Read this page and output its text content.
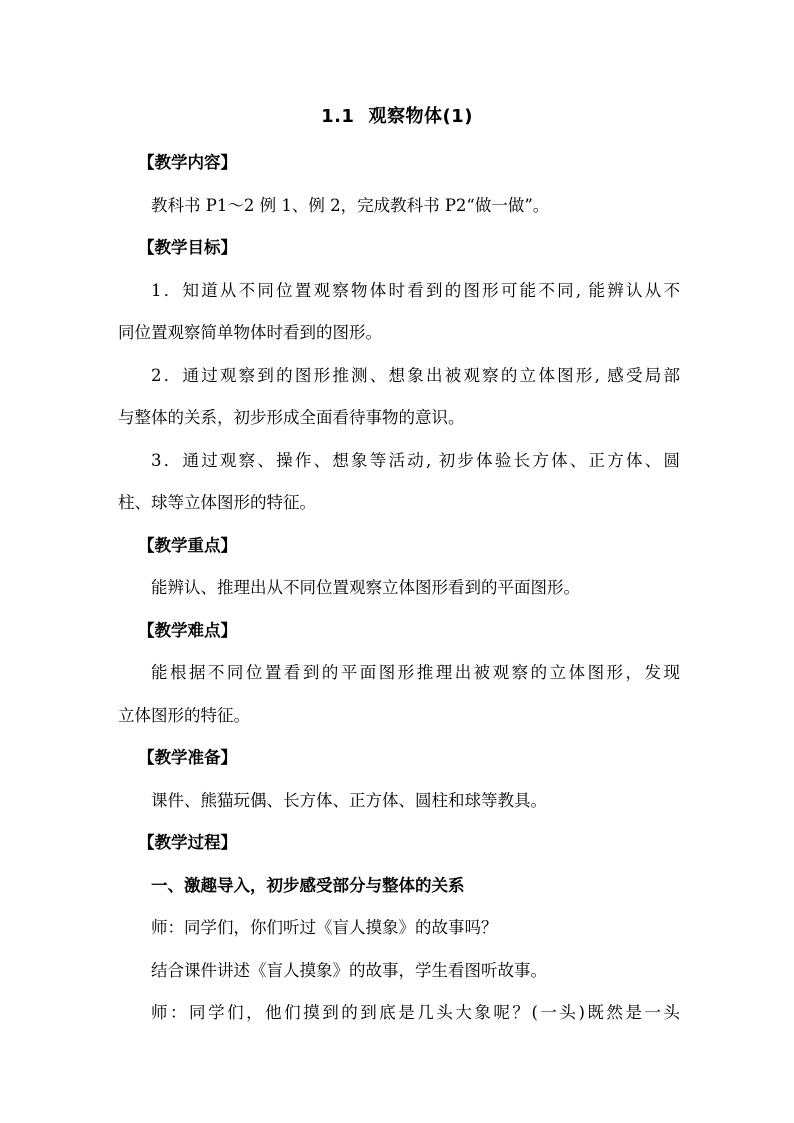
1.1 观察物体(1)
【教学内容】
教科书 P1～2 例 1、例 2，完成教科书 P2“做一做”。
【教学目标】
1．知道从不同位置观察物体时看到的图形可能不同, 能辨认从不
同位置观察简单物体时看到的图形。
2．通过观察到的图形推测、想象出被观察的立体图形, 感受局部
与整体的关系，初步形成全面看待事物的意识。
3．通过观察、操作、想象等活动, 初步体验长方体、正方体、圆
柱、球等立体图形的特征。
【教学重点】
能辨认、推理出从不同位置观察立体图形看到的平面图形。
【教学难点】
能根据不同位置看到的平面图形推理出被观察的立体图形，发现
立体图形的特征。
【教学准备】
课件、熊猫玩偶、长方体、正方体、圆柱和球等教具。
【教学过程】
一、激趣导入，初步感受部分与整体的关系
师：同学们，你们听过《盲人摸象》的故事吗？
结合课件讲述《盲人摸象》的故事，学生看图听故事。
师：同学们，他们摸到的到底是几头大象呢？(一头)既然是一头
